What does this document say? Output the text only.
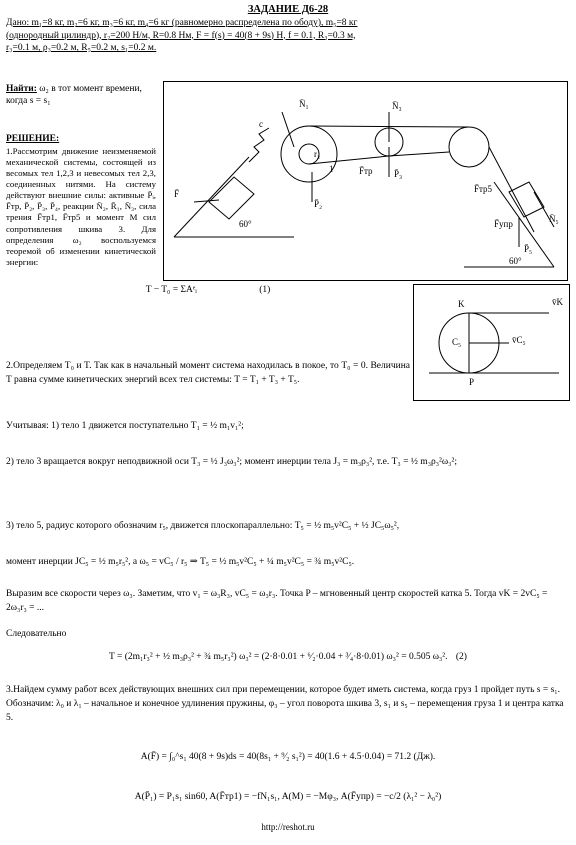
ЗАДАНИЕ Д6-28
Дано: m₁=8 кг, m₂=6 кг, m₃=6 кг, m₄=6 кг (равномерно распределена по ободу), m₅=8 кг
(однородный цилиндр), r₂=200 Н/м, R=0.8 Нм, F = f(s) = 40(8 + 9s) Н, f = 0.1, R₃=0.3 м,
r₃=0.1 м, ρ₃=0.2 м, R₅=0.2 м, s₁=0.2 м.
Найти: ω₂ в тот момент времени, когда s = s₁
РЕШЕНИЕ:
1.Рассмотрим движение неизменяемой механической системы, состоящей из весомых тел 1,2,3 и невесомых тел 2,3, соединенных нитями. На систему действуют внешние силы: активные P̄ᵢ, F̄тр, P̄₂, P̄₃, P̄₄, реакции N̄₂, R̄₁, N̄₃, сила трения F̄тр1, F̄тр5 и момент M сил сопротивления шкива 3. Для определения ω₂ воспользуемся теоремой об изменении кинетической энергии:
N̄₁	N̄₃
c
r₂
1
F̄
P̄₂
P̄₃
F̄тр
F̄тр5
F̄упр
P̄₅
N̄₅
60°
60°
K	v̄K
C₅	v̄C₅
P
T − T₀ = ΣAᵉᵢ	(1)
2.Определяем T₀ и T. Так как в начальный момент система находилась в покое, то T₀ = 0. Величина T равна сумме кинетических энергий всех тел системы: T = T₁ + T₃ + T₅.
Учитывая: 1) тело 1 движется поступательно T₁ = ½ m₁v₁²;
2) тело 3 вращается вокруг неподвижной оси T₃ = ½ J₃ω₃²; момент инерции тела J₃ = m₃ρ₃², т.е. T₃ = ½ m₃ρ₃²ω₃²;
3) тело 5, радиус которого обозначим r₅, движется плоскопараллельно: T₅ = ½ m₅v²C₅ + ½ JC₅ω₅²,
момент инерции JC₅ = ½ m₅r₅², а ω₅ = vC₅ / r₅ ⇒ T₅ = ½ m₅v²C₅ + ¼ m₅v²C₅ = ¾ m₅v²C₅.
Выразим все скорости через ω₃. Заметим, что v₁ = ω₃R₃, vC₅ = ω₃r₃. Точка P – мгновенный центр скоростей катка 5. Тогда vK = 2vC₅ = 2ω₃r₃ = ...
Следовательно
T = (2m₁r₃² + ½ m₃ρ₃² + ¾ m₅r₃²) ω₃² = (2·8·0.01 + ⁶⁄₂·0.04 + ³⁄₄·8·0.01) ω₃² = 0.505 ω₃². (2)
3.Найдем сумму работ всех действующих внешних сил при перемещении, которое будет иметь система, когда груз 1 пройдет путь s = s₁. Обозначим: λ₀ и λ₁ – начальное и конечное удлинения пружины, φ₃ – угол поворота шкива 3, s₁ и s₅ – перемещения груза 1 и центра катка 5.
A(F̄) = ∫₀^s₁ 40(8 + 9s)ds = 40(8s₁ + ⁹⁄₂ s₁²) = 40(1.6 + 4.5·0.04) = 71.2 (Дж).
A(P̄₁) = P₁s₁ sin60, A(F̄тр1) = −fN₁s₁, A(M) = −Mφ₃, A(F̄упр) = −c/2 (λ₁² − λ₀²)
http://reshot.ru
